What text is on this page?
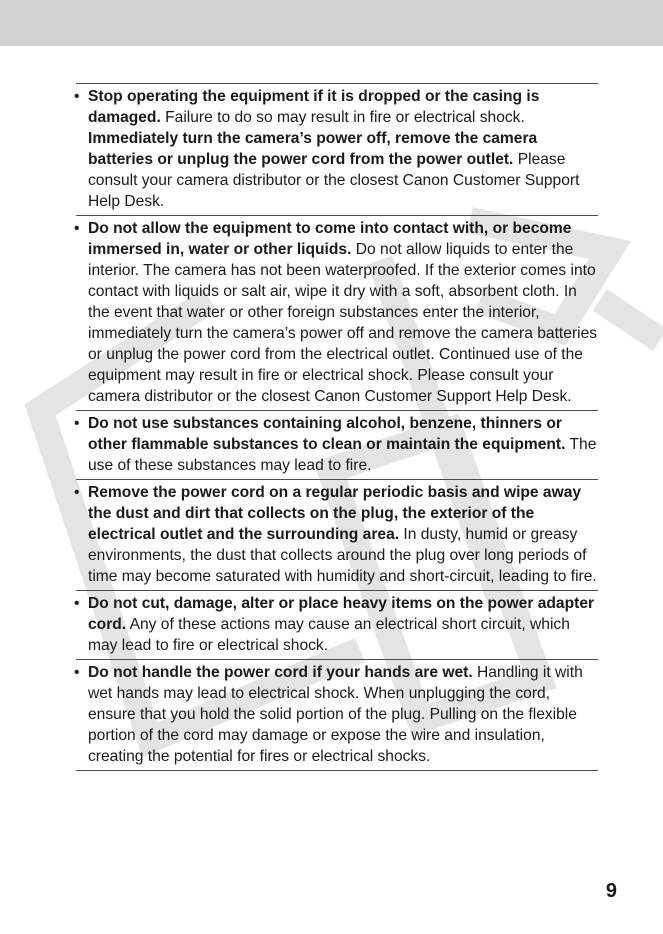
• Stop operating the equipment if it is dropped or the casing is damaged. Failure to do so may result in fire or electrical shock. Immediately turn the camera’s power off, remove the camera batteries or unplug the power cord from the power outlet. Please consult your camera distributor or the closest Canon Customer Support Help Desk.
• Do not allow the equipment to come into contact with, or become immersed in, water or other liquids. Do not allow liquids to enter the interior. The camera has not been waterproofed. If the exterior comes into contact with liquids or salt air, wipe it dry with a soft, absorbent cloth. In the event that water or other foreign substances enter the interior, immediately turn the camera’s power off and remove the camera batteries or unplug the power cord from the electrical outlet. Continued use of the equipment may result in fire or electrical shock. Please consult your camera distributor or the closest Canon Customer Support Help Desk.
• Do not use substances containing alcohol, benzene, thinners or other flammable substances to clean or maintain the equipment. The use of these substances may lead to fire.
• Remove the power cord on a regular periodic basis and wipe away the dust and dirt that collects on the plug, the exterior of the electrical outlet and the surrounding area. In dusty, humid or greasy environments, the dust that collects around the plug over long periods of time may become saturated with humidity and short-circuit, leading to fire.
• Do not cut, damage, alter or place heavy items on the power adapter cord. Any of these actions may cause an electrical short circuit, which may lead to fire or electrical shock.
• Do not handle the power cord if your hands are wet. Handling it with wet hands may lead to electrical shock. When unplugging the cord, ensure that you hold the solid portion of the plug. Pulling on the flexible portion of the cord may damage or expose the wire and insulation, creating the potential for fires or electrical shocks.
9
